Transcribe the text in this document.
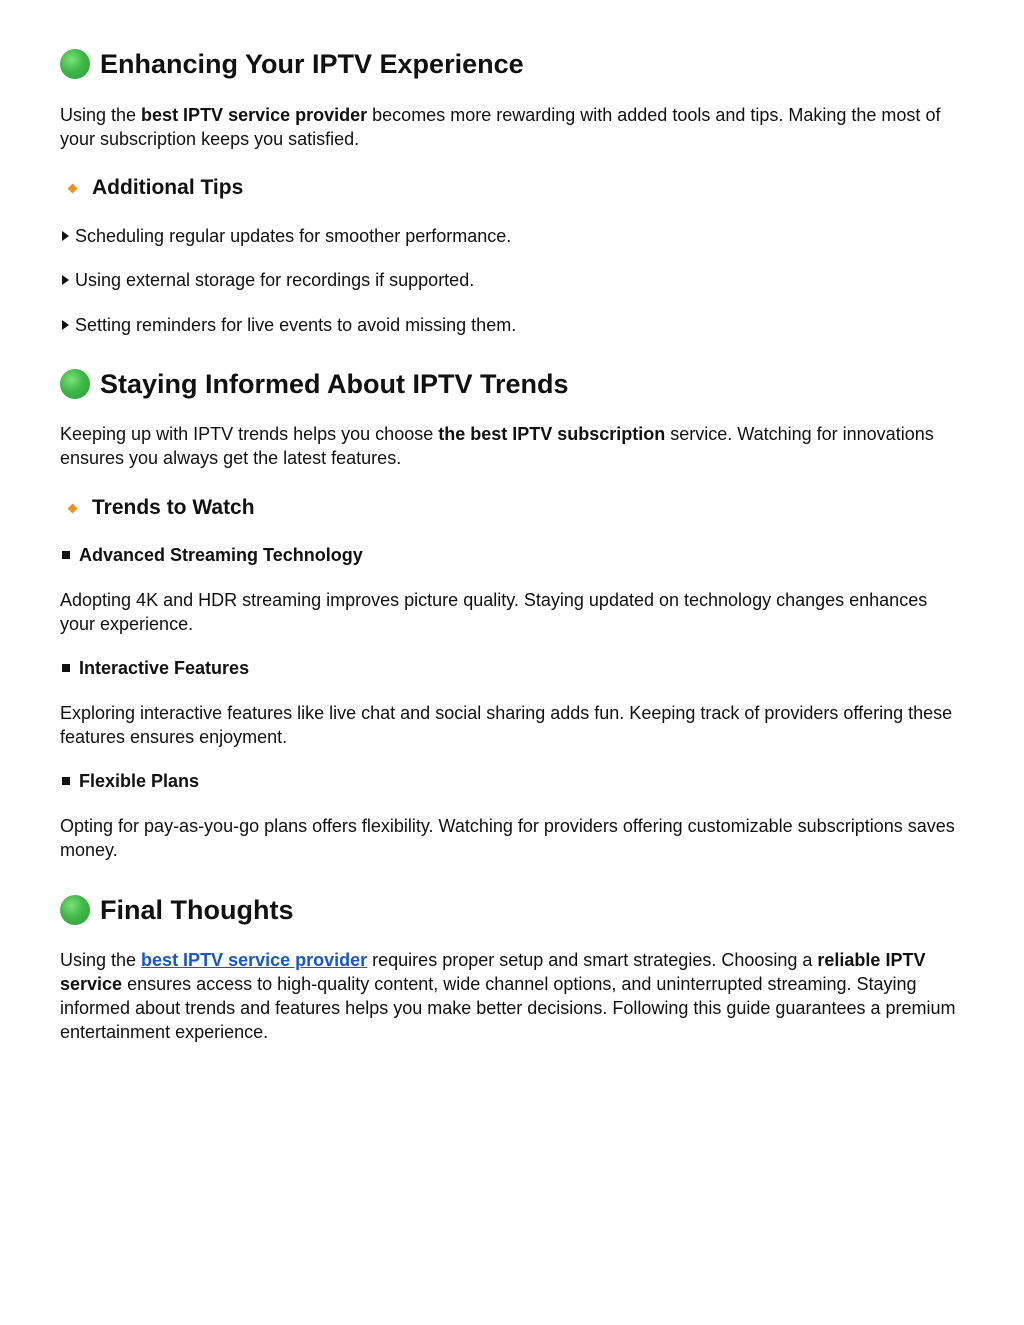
Enhancing Your IPTV Experience

Using the best IPTV service provider becomes more rewarding with added tools and tips. Making the most of your subscription keeps you satisfied.

Additional Tips
Scheduling regular updates for smoother performance.
Using external storage for recordings if supported.
Setting reminders for live events to avoid missing them.
Staying Informed About IPTV Trends

Keeping up with IPTV trends helps you choose the best IPTV subscription service. Watching for innovations ensures you always get the latest features.

Trends to Watch
Advanced Streaming Technology

Adopting 4K and HDR streaming improves picture quality. Staying updated on technology changes enhances your experience.

Interactive Features

Exploring interactive features like live chat and social sharing adds fun. Keeping track of providers offering these features ensures enjoyment.

Flexible Plans

Opting for pay-as-you-go plans offers flexibility. Watching for providers offering customizable subscriptions saves money.

Final Thoughts

Using the best IPTV service provider requires proper setup and smart strategies. Choosing a reliable IPTV service ensures access to high-quality content, wide channel options, and uninterrupted streaming. Staying informed about trends and features helps you make better decisions. Following this guide guarantees a premium entertainment experience.
